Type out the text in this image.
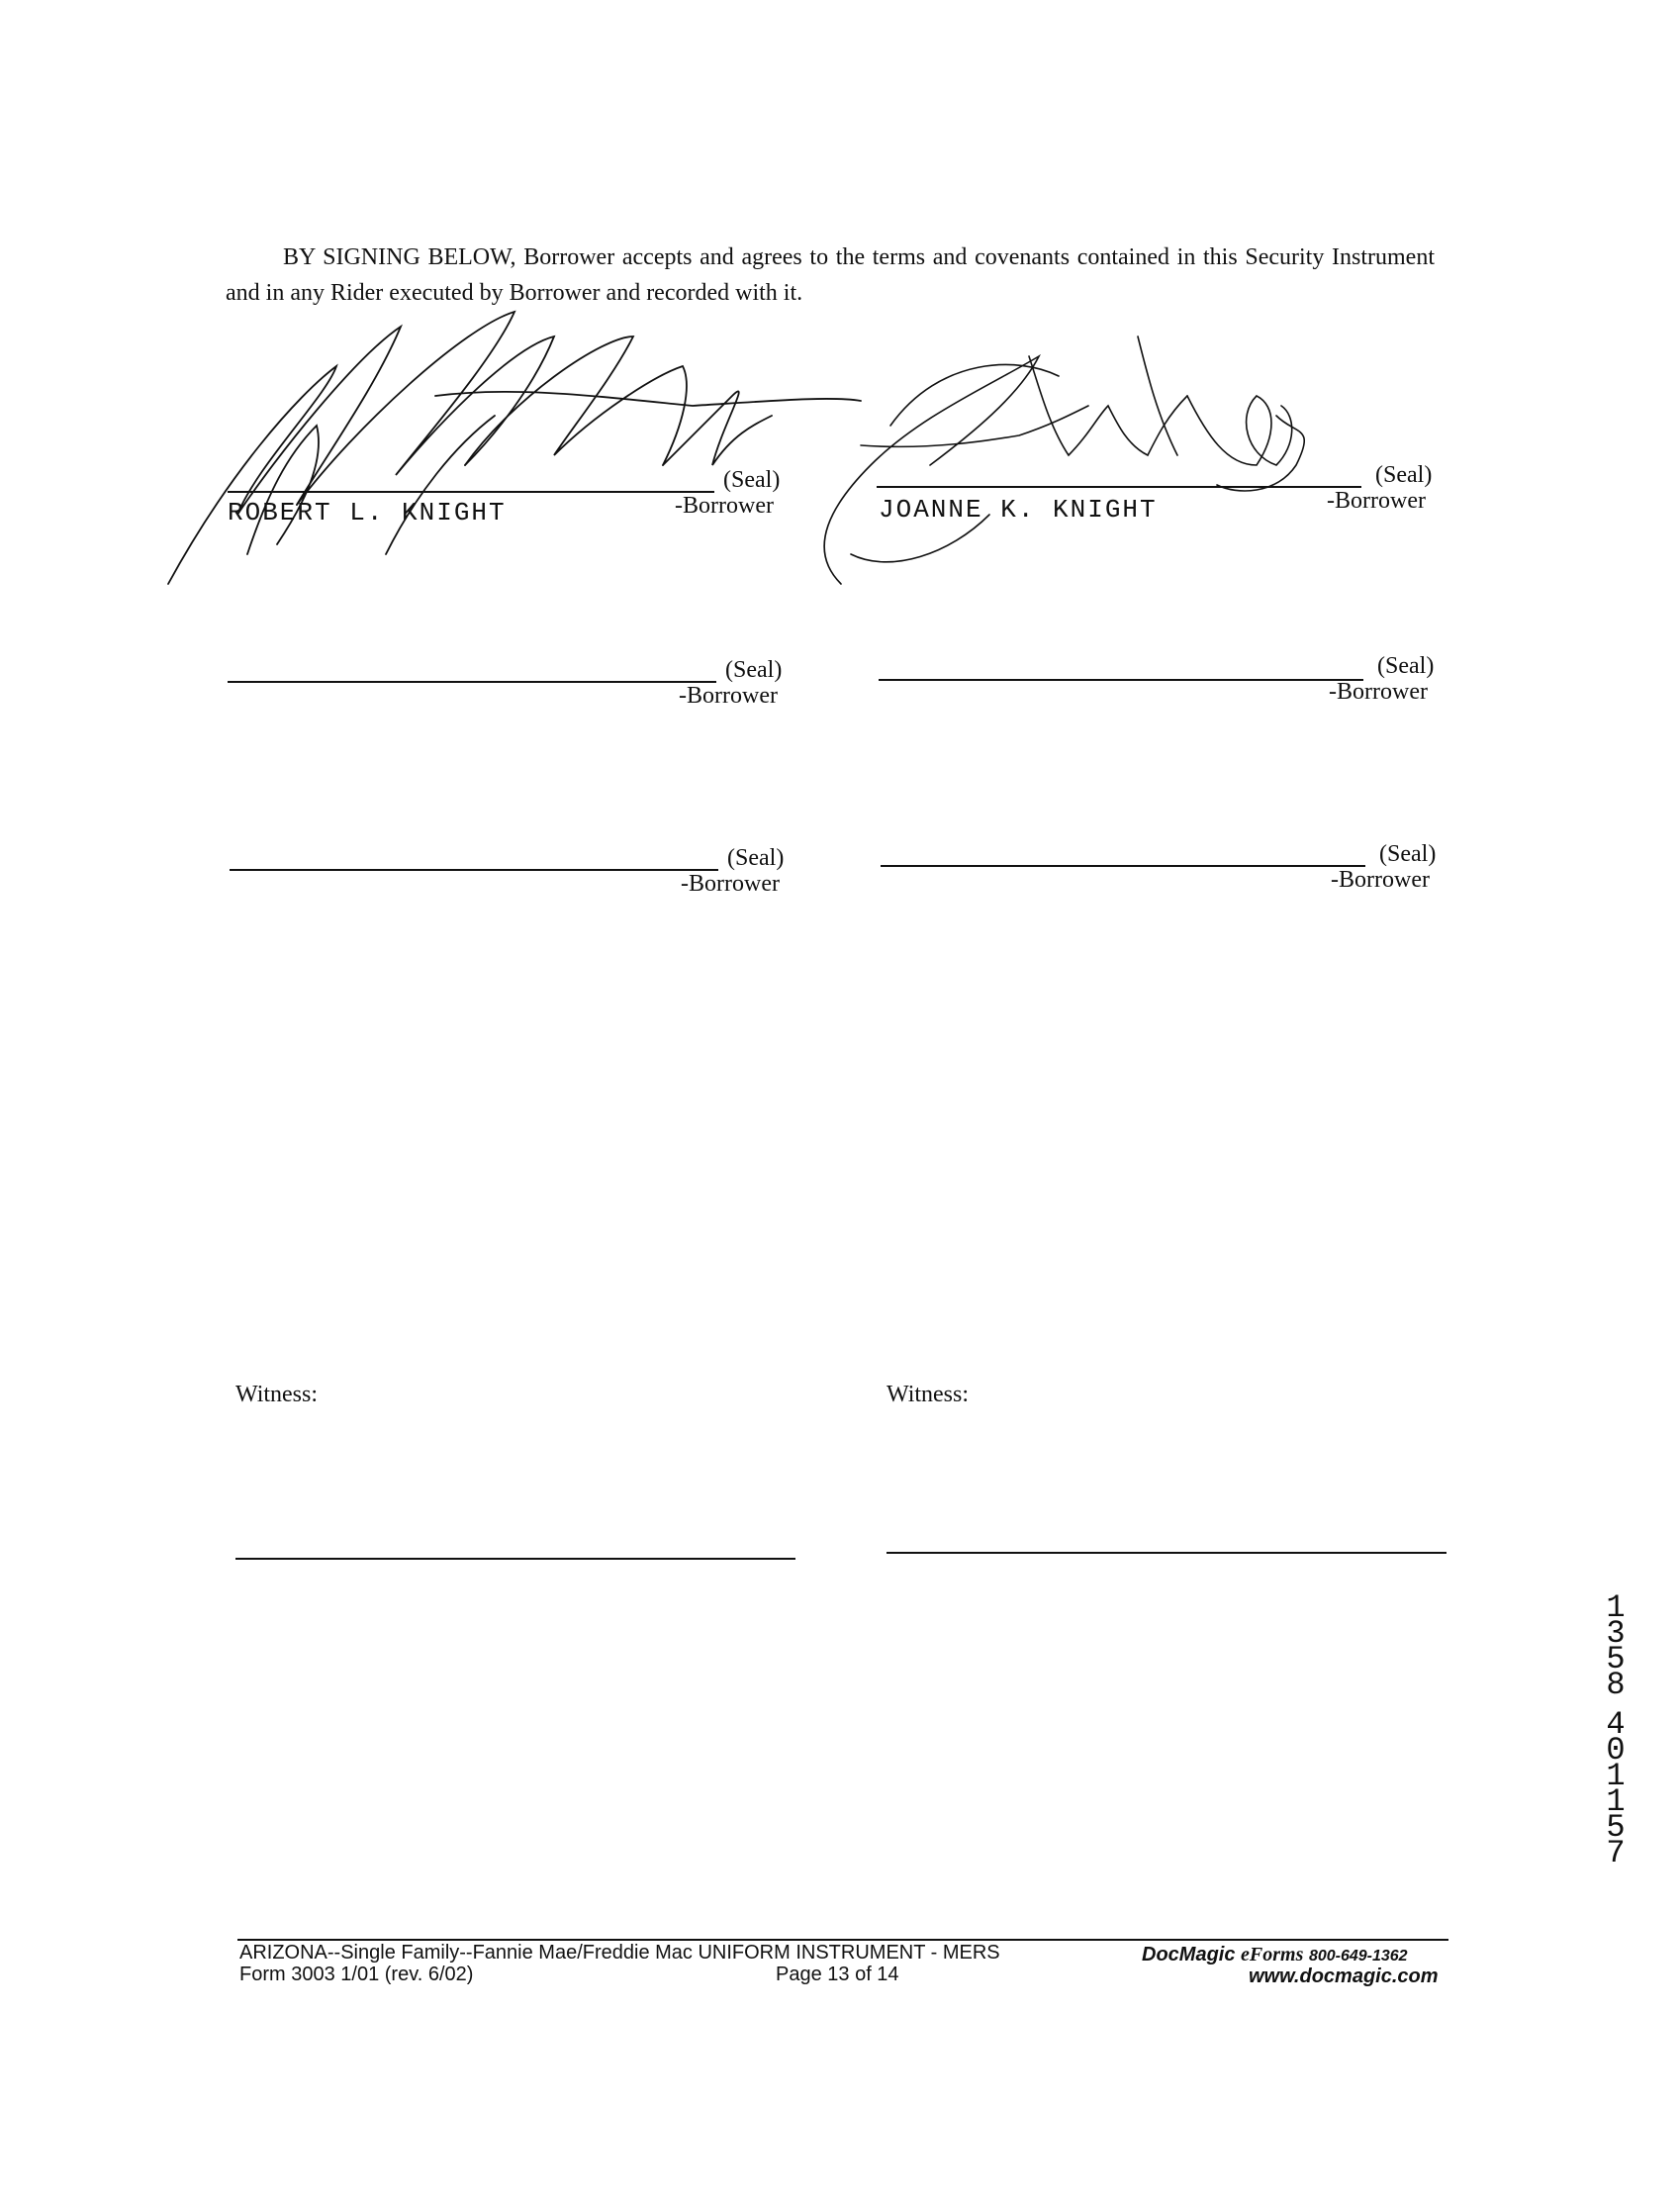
BY SIGNING BELOW, Borrower accepts and agrees to the terms and covenants contained in this Security Instrument and in any Rider executed by Borrower and recorded with it.
(Seal)
-Borrower
ROBERT L. KNIGHT
(Seal)
-Borrower
JOANNE K. KNIGHT
(Seal)
-Borrower
(Seal)
-Borrower
(Seal)
-Borrower
(Seal)
-Borrower
Witness:	Witness:
1
3
5
8
4
0
1
1
5
7
ARIZONA--Single Family--Fannie Mae/Freddie Mac UNIFORM INSTRUMENT - MERS
Form 3003 1/01 (rev. 6/02)	Page 13 of 14
DocMagic eForms 800-649-1362
www.docmagic.com
